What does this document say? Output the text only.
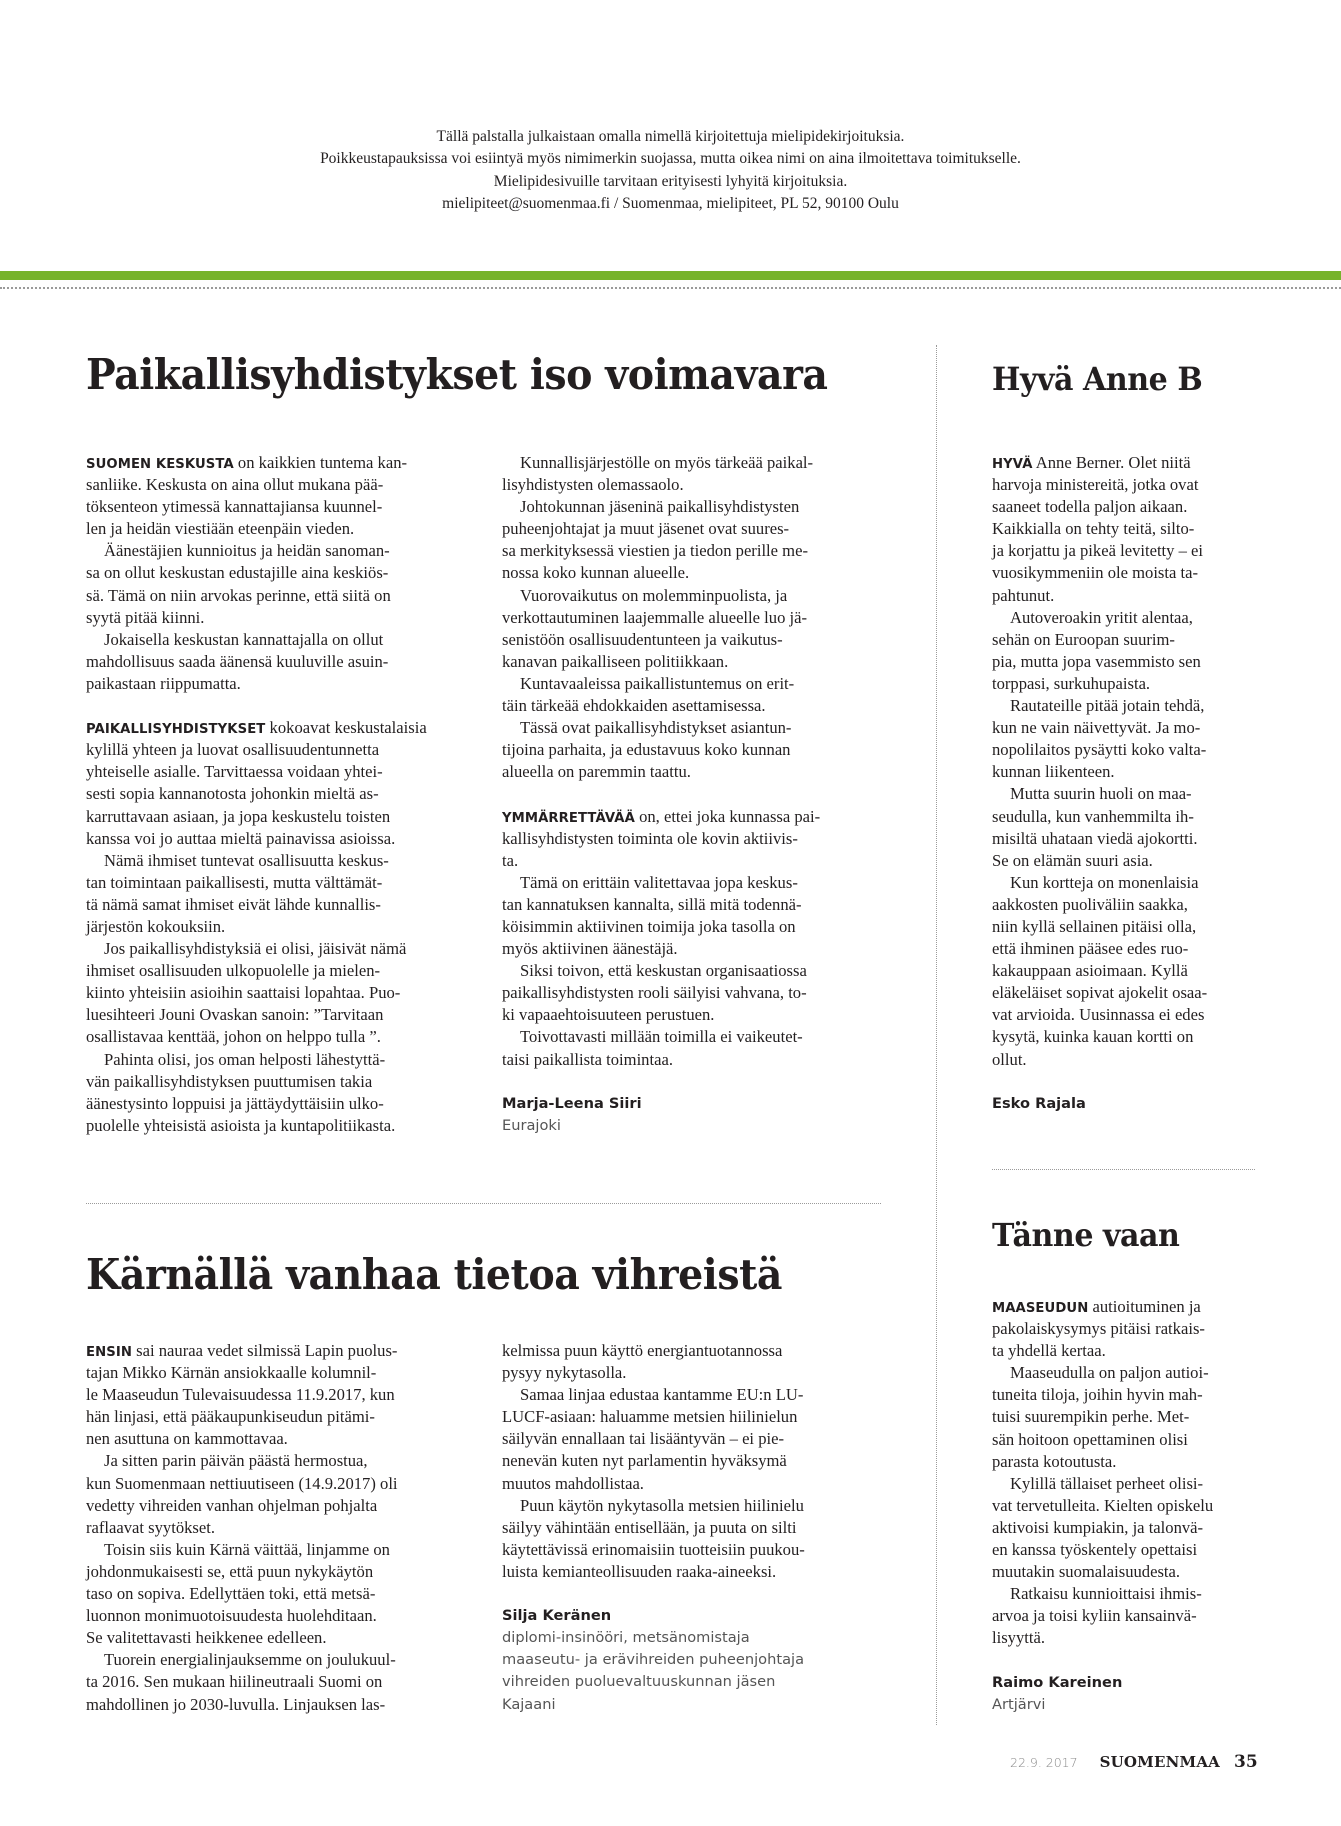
Tällä palstalla julkaistaan omalla nimellä kirjoitettuja mielipidekirjoituksia.
Poikkeustapauksissa voi esiintyä myös nimimerkin suojassa, mutta oikea nimi on aina ilmoitettava toimitukselle.
Mielipidesivuille tarvitaan erityisesti lyhyitä kirjoituksia.
mielipiteet@suomenmaa.fi / Suomenmaa, mielipiteet, PL 52, 90100 Oulu
Paikallisyhdistykset iso voimavara	Hyvä Anne B
Kärnällä vanhaa tietoa vihreistä
Tänne vaan
SUOMEN KESKUSTA on kaikkien tuntema kan-
sanliike. Keskusta on aina ollut mukana pää-
töksenteon ytimessä kannattajiansa kuunnel-
len ja heidän viestiään eteenpäin vieden.
Äänestäjien kunnioitus ja heidän sanoman-
sa on ollut keskustan edustajille aina keskiös-
sä. Tämä on niin arvokas perinne, että siitä on
syytä pitää kiinni.
Jokaisella keskustan kannattajalla on ollut
mahdollisuus saada äänensä kuuluville asuin-
paikastaan riippumatta.
PAIKALLISYHDISTYKSET kokoavat keskustalaisia
kylillä yhteen ja luovat osallisuudentunnetta
yhteiselle asialle. Tarvittaessa voidaan yhtei-
sesti sopia kannanotosta johonkin mieltä as-
karruttavaan asiaan, ja jopa keskustelu toisten
kanssa voi jo auttaa mieltä painavissa asioissa.
Nämä ihmiset tuntevat osallisuutta keskus-
tan toimintaan paikallisesti, mutta välttämät-
tä nämä samat ihmiset eivät lähde kunnallis-
järjestön kokouksiin.
Jos paikallisyhdistyksiä ei olisi, jäisivät nämä
ihmiset osallisuuden ulkopuolelle ja mielen-
kiinto yhteisiin asioihin saattaisi lopahtaa. Puo-
luesihteeri Jouni Ovaskan sanoin: ”Tarvitaan
osallistavaa kenttää, johon on helppo tulla ”.
Pahinta olisi, jos oman helposti lähestyttä-
vän paikallisyhdistyksen puuttumisen takia
äänestysinto loppuisi ja jättäydyttäisiin ulko-
puolelle yhteisistä asioista ja kuntapolitiikasta.
Kunnallisjärjestölle on myös tärkeää paikal-
lisyhdistysten olemassaolo.
Johtokunnan jäseninä paikallisyhdistysten
puheenjohtajat ja muut jäsenet ovat suures-
sa merkityksessä viestien ja tiedon perille me-
nossa koko kunnan alueelle.
Vuorovaikutus on molemminpuolista, ja
verkottautuminen laajemmalle alueelle luo jä-
senistöön osallisuudentunteen ja vaikutus-
kanavan paikalliseen politiikkaan.
Kuntavaaleissa paikallistuntemus on erit-
täin tärkeää ehdokkaiden asettamisessa.
Tässä ovat paikallisyhdistykset asiantun-
tijoina parhaita, ja edustavuus koko kunnan
alueella on paremmin taattu.
YMMÄRRETTÄVÄÄ on, ettei joka kunnassa pai-
kallisyhdistysten toiminta ole kovin aktiivis-
ta.
Tämä on erittäin valitettavaa jopa keskus-
tan kannatuksen kannalta, sillä mitä todennä-
köisimmin aktiivinen toimija joka tasolla on
myös aktiivinen äänestäjä.
Siksi toivon, että keskustan organisaatiossa
paikallisyhdistysten rooli säilyisi vahvana, to-
ki vapaaehtoisuuteen perustuen.
Toivottavasti millään toimilla ei vaikeutet-
taisi paikallista toimintaa.
Marja-Leena Siiri
Eurajoki
HYVÄ Anne Berner. Olet niitä
harvoja ministereitä, jotka ovat
saaneet todella paljon aikaan.
Kaikkialla on tehty teitä, silto-
ja korjattu ja pikeä levitetty – ei
vuosikymmeniin ole moista ta-
pahtunut.
Autoveroakin yritit alentaa,
sehän on Euroopan suurim-
pia, mutta jopa vasemmisto sen
torppasi, surkuhupaista.
Rautateille pitää jotain tehdä,
kun ne vain näivettyvät. Ja mo-
nopolilaitos pysäytti koko valta-
kunnan liikenteen.
Mutta suurin huoli on maa-
seudulla, kun vanhemmilta ih-
misiltä uhataan viedä ajokortti.
Se on elämän suuri asia.
Kun kortteja on monenlaisia
aakkosten puoliväliin saakka,
niin kyllä sellainen pitäisi olla,
että ihminen pääsee edes ruo-
kakauppaan asioimaan. Kyllä
eläkeläiset sopivat ajokelit osaa-
vat arvioida. Uusinnassa ei edes
kysytä, kuinka kauan kortti on
ollut.
Esko Rajala
ENSIN sai nauraa vedet silmissä Lapin puolus-
tajan Mikko Kärnän ansiokkaalle kolumnil-
le Maaseudun Tulevaisuudessa 11.9.2017, kun
hän linjasi, että pääkaupunkiseudun pitämi-
nen asuttuna on kammottavaa.
Ja sitten parin päivän päästä hermostua,
kun Suomenmaan nettiuutiseen (14.9.2017) oli
vedetty vihreiden vanhan ohjelman pohjalta
raflaavat syytökset.
Toisin siis kuin Kärnä väittää, linjamme on
johdonmukaisesti se, että puun nykykäytön
taso on sopiva. Edellyttäen toki, että metsä-
luonnon monimuotoisuudesta huolehditaan.
Se valitettavasti heikkenee edelleen.
Tuorein energialinjauksemme on joulukuul-
ta 2016. Sen mukaan hiilineutraali Suomi on
mahdollinen jo 2030-luvulla. Linjauksen las-
kelmissa puun käyttö energiantuotannossa
pysyy nykytasolla.
Samaa linjaa edustaa kantamme EU:n LU-
LUCF-asiaan: haluamme metsien hiilinielun
säilyvän ennallaan tai lisääntyvän – ei pie-
nenevän kuten nyt parlamentin hyväksymä
muutos mahdollistaa.
Puun käytön nykytasolla metsien hiilinielu
säilyy vähintään entisellään, ja puuta on silti
käytettävissä erinomaisiin tuotteisiin puukou-
luista kemianteollisuuden raaka-aineeksi.
Silja Keränen
diplomi-insinööri, metsänomistaja
maaseutu- ja erävihreiden puheenjohtaja
vihreiden puoluevaltuuskunnan jäsen
Kajaani
MAASEUDUN autioituminen ja
pakolaiskysymys pitäisi ratkais-
ta yhdellä kertaa.
Maaseudulla on paljon autioi-
tuneita tiloja, joihin hyvin mah-
tuisi suurempikin perhe. Met-
sän hoitoon opettaminen olisi
parasta kotoutusta.
Kylillä tällaiset perheet olisi-
vat tervetulleita. Kielten opiskelu
aktivoisi kumpiakin, ja talonvä-
en kanssa työskentely opettaisi
muutakin suomalaisuudesta.
Ratkaisu kunnioittaisi ihmis-
arvoa ja toisi kyliin kansainvä-
lisyyttä.
Raimo Kareinen
Artjärvi
22.9. 2017 SUOMENMAA 35
